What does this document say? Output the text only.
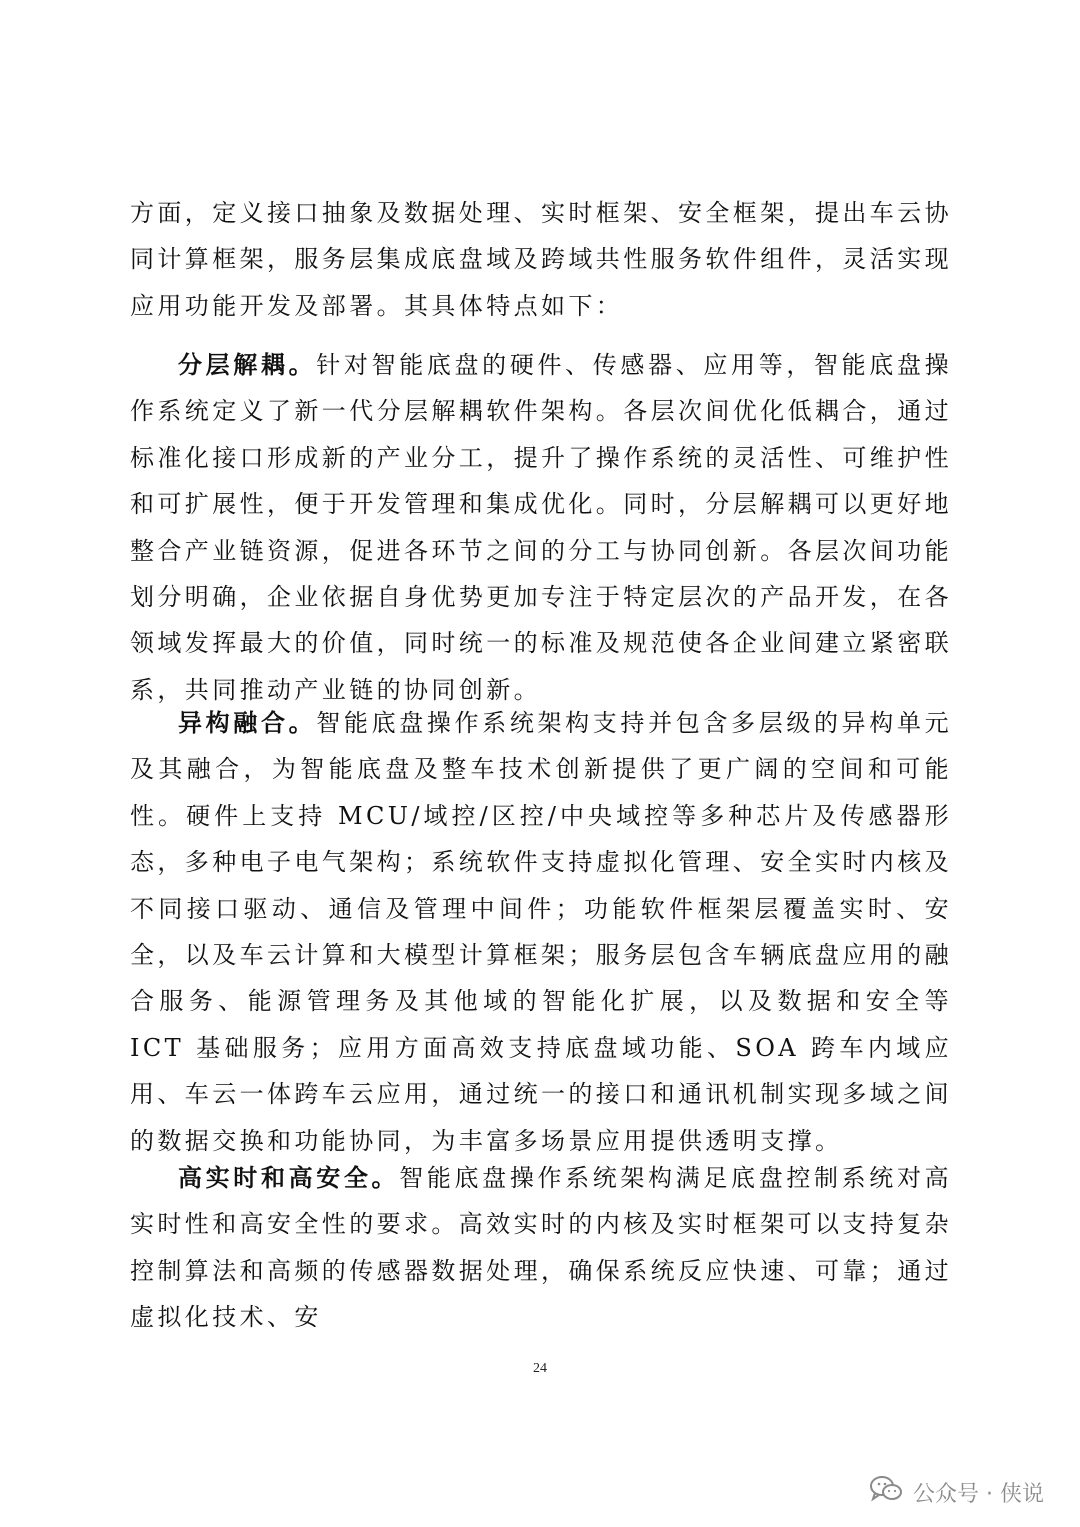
方面，定义接口抽象及数据处理、实时框架、安全框架，提出车云协同计算框架，服务层集成底盘域及跨域共性服务软件组件，灵活实现应用功能开发及部署。其具体特点如下：

分层解耦。针对智能底盘的硬件、传感器、应用等，智能底盘操作系统定义了新一代分层解耦软件架构。各层次间优化低耦合，通过标准化接口形成新的产业分工，提升了操作系统的灵活性、可维护性和可扩展性，便于开发管理和集成优化。同时，分层解耦可以更好地整合产业链资源，促进各环节之间的分工与协同创新。各层次间功能划分明确，企业依据自身优势更加专注于特定层次的产品开发，在各领域发挥最大的价值，同时统一的标准及规范使各企业间建立紧密联系，共同推动产业链的协同创新。

异构融合。智能底盘操作系统架构支持并包含多层级的异构单元及其融合，为智能底盘及整车技术创新提供了更广阔的空间和可能性。硬件上支持 MCU/域控/区控/中央域控等多种芯片及传感器形态，多种电子电气架构；系统软件支持虚拟化管理、安全实时内核及不同接口驱动、通信及管理中间件；功能软件框架层覆盖实时、安全，以及车云计算和大模型计算框架；服务层包含车辆底盘应用的融合服务、能源管理务及其他域的智能化扩展，以及数据和安全等 ICT 基础服务；应用方面高效支持底盘域功能、SOA 跨车内域应用、车云一体跨车云应用，通过统一的接口和通讯机制实现多域之间的数据交换和功能协同，为丰富多场景应用提供透明支撑。

高实时和高安全。智能底盘操作系统架构满足底盘控制系统对高实时性和高安全性的要求。高效实时的内核及实时框架可以支持复杂控制算法和高频的传感器数据处理，确保系统反应快速、可靠；通过虚拟化技术、安

24
公众号 · 侠说
